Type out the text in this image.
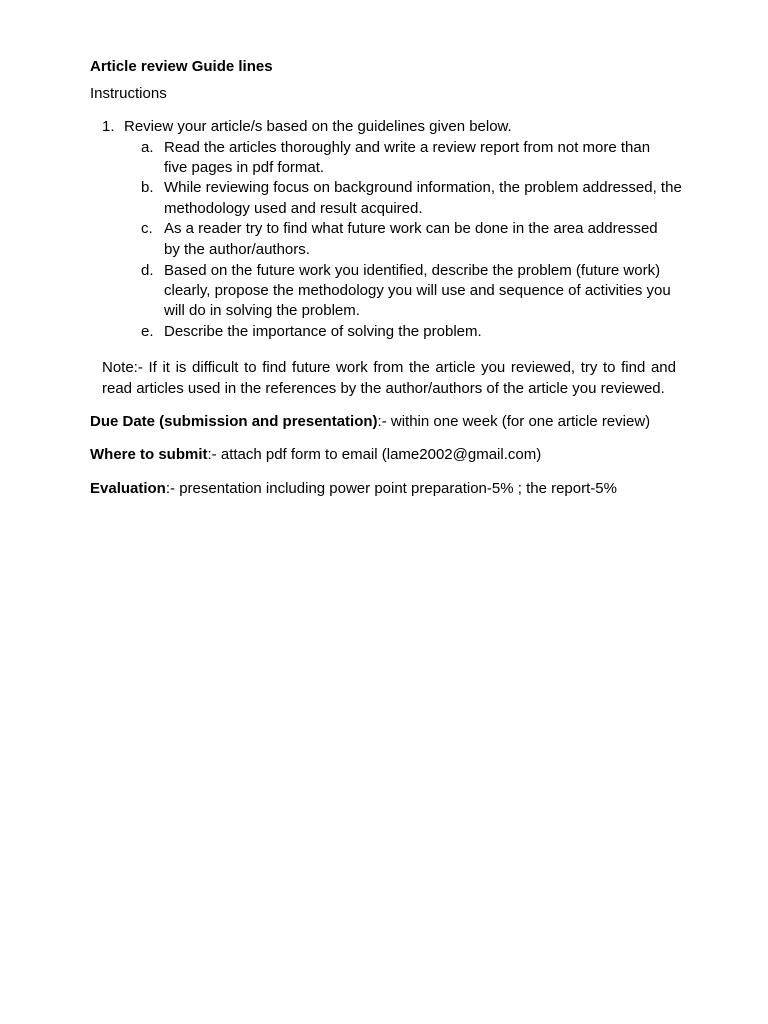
Article review Guide lines
Instructions
1. Review your article/s based on the guidelines given below.
a. Read the articles thoroughly and write a review report from not more than
five pages in pdf format.
b. While reviewing focus on background information, the problem addressed, the
methodology used and result acquired.
c. As a reader try to find what future work can be done in the area addressed
by the author/authors.
d. Based on the future work you identified, describe the problem (future work)
clearly, propose the methodology you will use and sequence of activities you
will do in solving the problem.
e. Describe the importance of solving the problem.
Note:- If it is difficult to find future work from the article you reviewed, try to find and
read articles used in the references by the author/authors of the article you reviewed.
Due Date (submission and presentation):- within one week (for one article review)
Where to submit:- attach pdf form to email (lame2002@gmail.com)
Evaluation:- presentation including power point preparation-5% ; the report-5%
